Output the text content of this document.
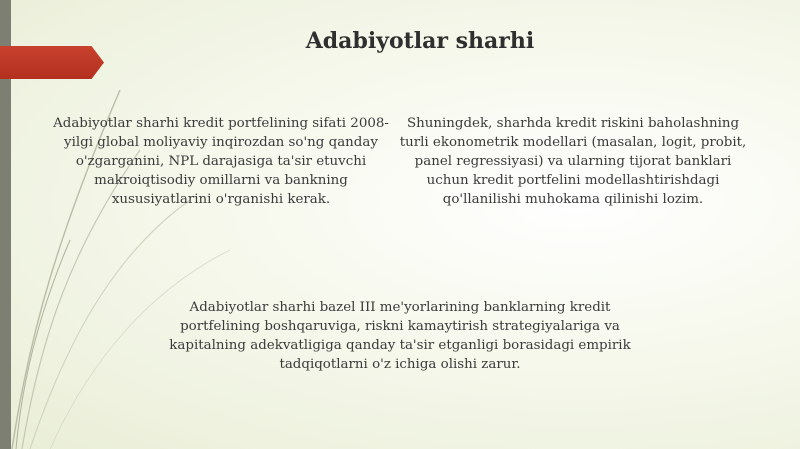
Adabiyotlar sharhi

Adabiyotlar sharhi kredit portfelining sifati 2008-yilgi global moliyaviy inqirozdan so'ng qanday o'zgarganini, NPL darajasiga ta'sir etuvchi makroiqtisodiy omillarni va bankning xususiyatlarini o'rganishi kerak.

Shuningdek, sharhda kredit riskini baholashning turli ekonometrik modellari (masalan, logit, probit, panel regressiyasi) va ularning tijorat banklari uchun kredit portfelini modellashtirishdagi qo'llanilishi muhokama qilinishi lozim.

Adabiyotlar sharhi bazel III me'yorlarining banklarning kredit portfelining boshqaruviga, riskni kamaytirish strategiyalariga va kapitalning adekvatligiga qanday ta'sir etganligi borasidagi empirik tadqiqotlarni o'z ichiga olishi zarur.
